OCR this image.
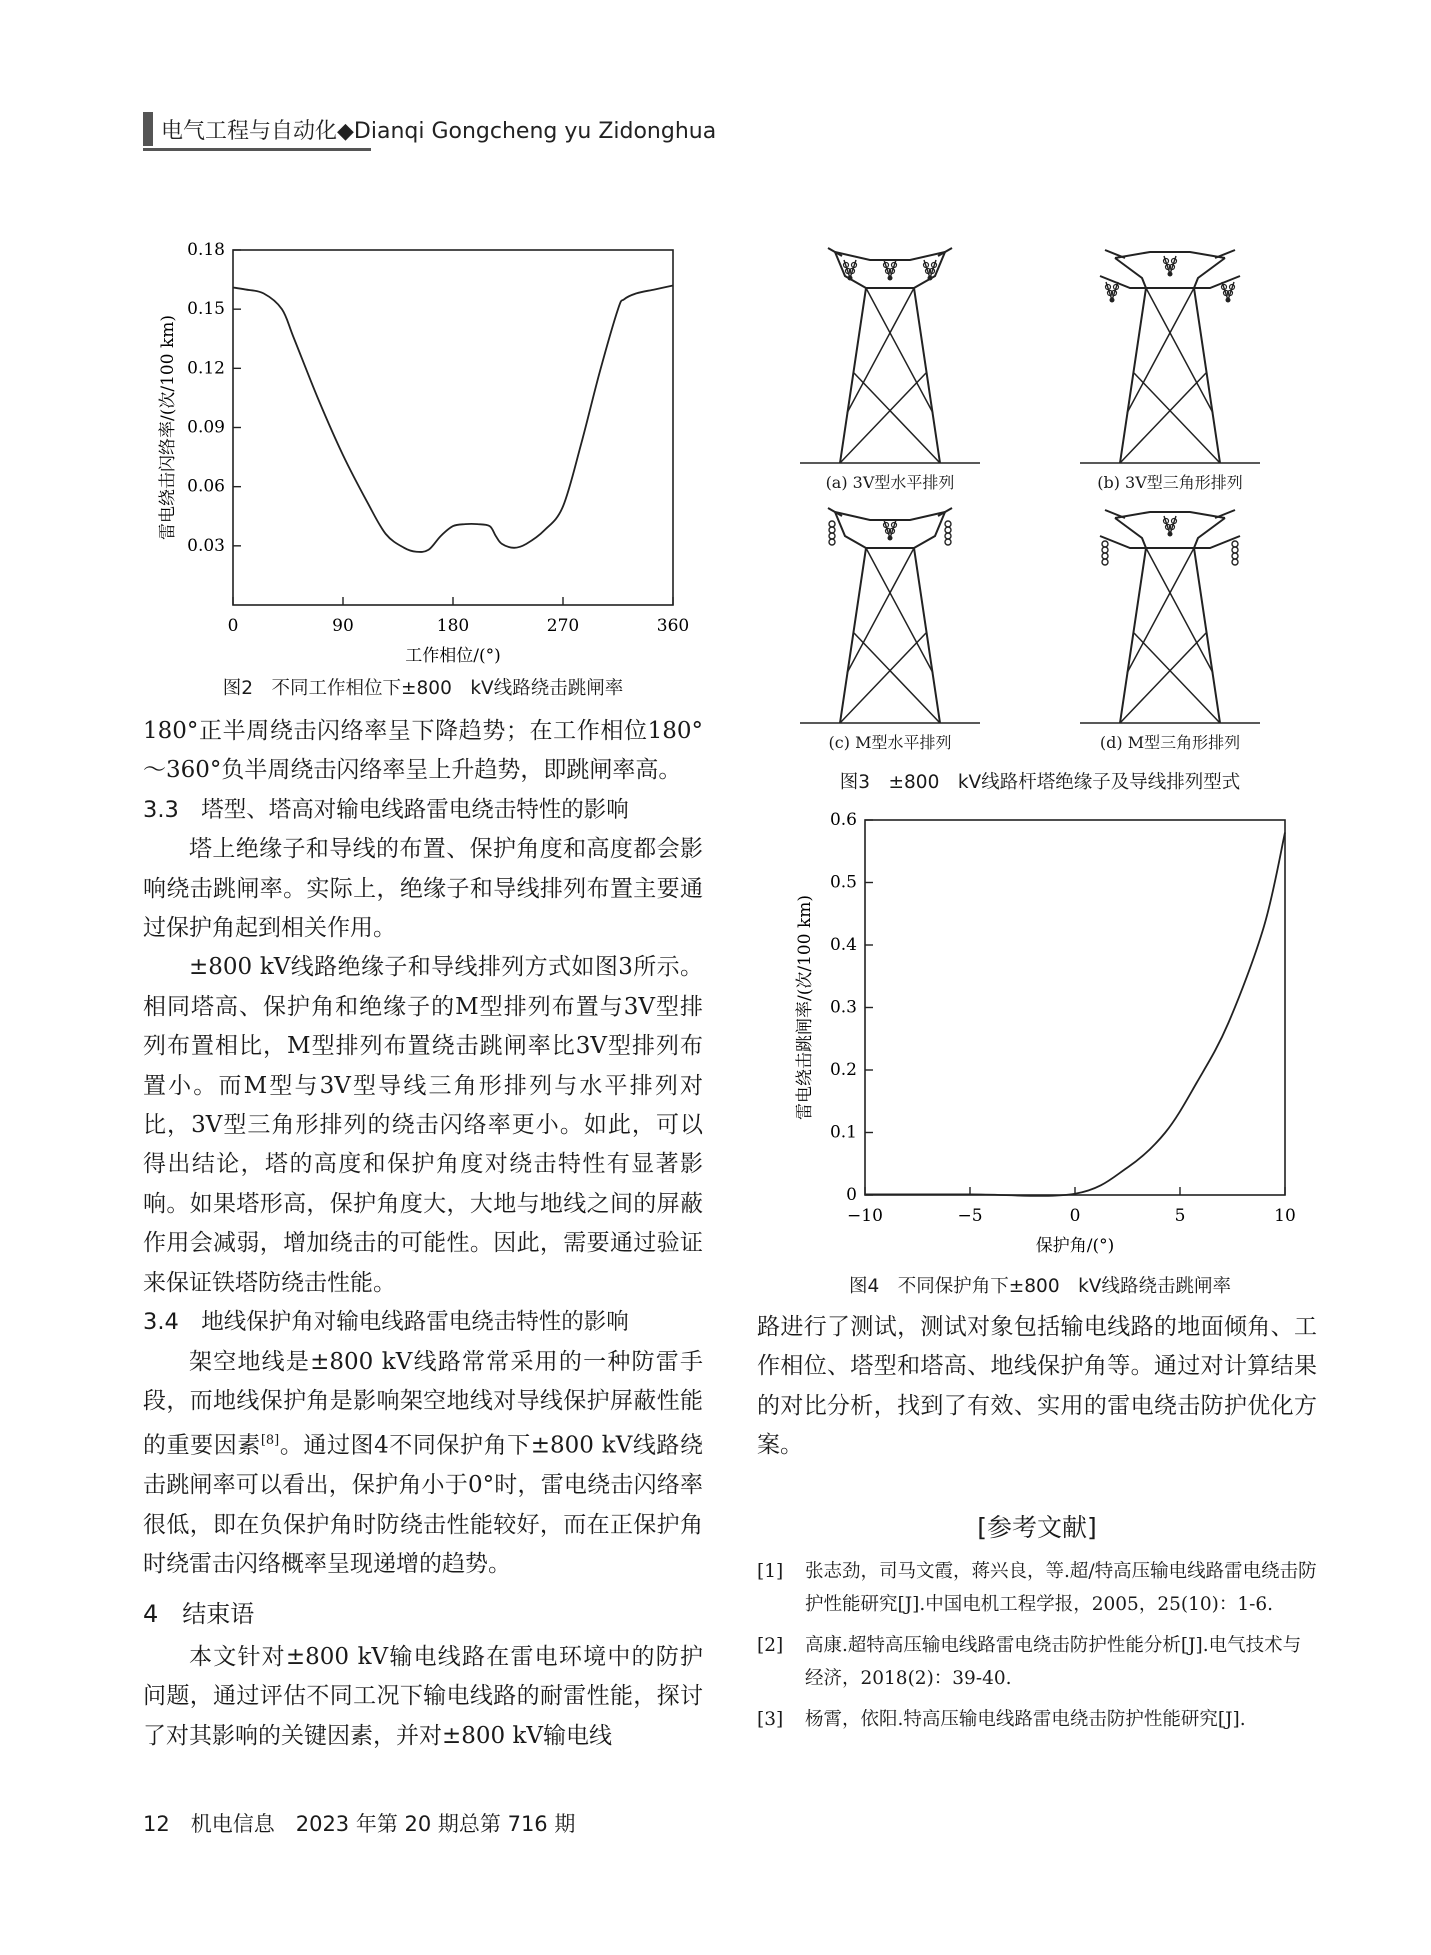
电气工程与自动化◆Dianqi Gongcheng yu Zidonghua
0.03
0.06
0.09
0.12
0.15
0.18
0	90	180	270	360
工作相位/(°)
雷电绕击闪络率/(次/100 km)
图2　不同工作相位下±800　kV线路绕击跳闸率

180°正半周绕击闪络率呈下降趋势；在工作相位180°～360°负半周绕击闪络率呈上升趋势，即跳闸率高。

3.3　塔型、塔高对输电线路雷电绕击特性的影响

塔上绝缘子和导线的布置、保护角度和高度都会影响绕击跳闸率。实际上，绝缘子和导线排列布置主要通过保护角起到相关作用。

±800 kV线路绝缘子和导线排列方式如图3所示。相同塔高、保护角和绝缘子的M型排列布置与3V型排列布置相比，M型排列布置绕击跳闸率比3V型排列布置小。而M型与3V型导线三角形排列与水平排列对比，3V型三角形排列的绕击闪络率更小。如此，可以得出结论，塔的高度和保护角度对绕击特性有显著影响。如果塔形高，保护角度大，大地与地线之间的屏蔽作用会减弱，增加绕击的可能性。因此，需要通过验证来保证铁塔防绕击性能。

3.4　地线保护角对输电线路雷电绕击特性的影响

架空地线是±800 kV线路常常采用的一种防雷手段，而地线保护角是影响架空地线对导线保护屏蔽性能的重要因素[8]。通过图4不同保护角下±800 kV线路绕击跳闸率可以看出，保护角小于0°时，雷电绕击闪络率很低，即在负保护角时防绕击性能较好，而在正保护角时绕雷击闪络概率呈现递增的趋势。

4　结束语

本文针对±800 kV输电线路在雷电环境中的防护问题，通过评估不同工况下输电线路的耐雷性能，探讨了对其影响的关键因素，并对±800 kV输电线

(a) 3V型水平排列	(b) 3V型三角形排列
(c) M型水平排列	(d) M型三角形排列
图3　±800　kV线路杆塔绝缘子及导线排列型式
0
0.1
0.2
0.3
0.4
0.5
0.6
−10	−5	0	5	10
保护角/(°)
雷电绕击跳闸率/(次/100 km)
图4　不同保护角下±800　kV线路绕击跳闸率

路进行了测试，测试对象包括输电线路的地面倾角、工作相位、塔型和塔高、地线保护角等。通过对计算结果的对比分析，找到了有效、实用的雷电绕击防护优化方案。

[参考文献]
[1]	张志劲，司马文霞，蒋兴良，等.超/特高压输电线路雷电绕击防护性能研究[J].中国电机工程学报，2005，25(10)：1-6.
[2]	高康.超特高压输电线路雷电绕击防护性能分析[J].电气技术与经济，2018(2)：39-40.
[3]	杨霄，依阳.特高压输电线路雷电绕击防护性能研究[J].
12　机电信息　2023 年第 20 期总第 716 期
